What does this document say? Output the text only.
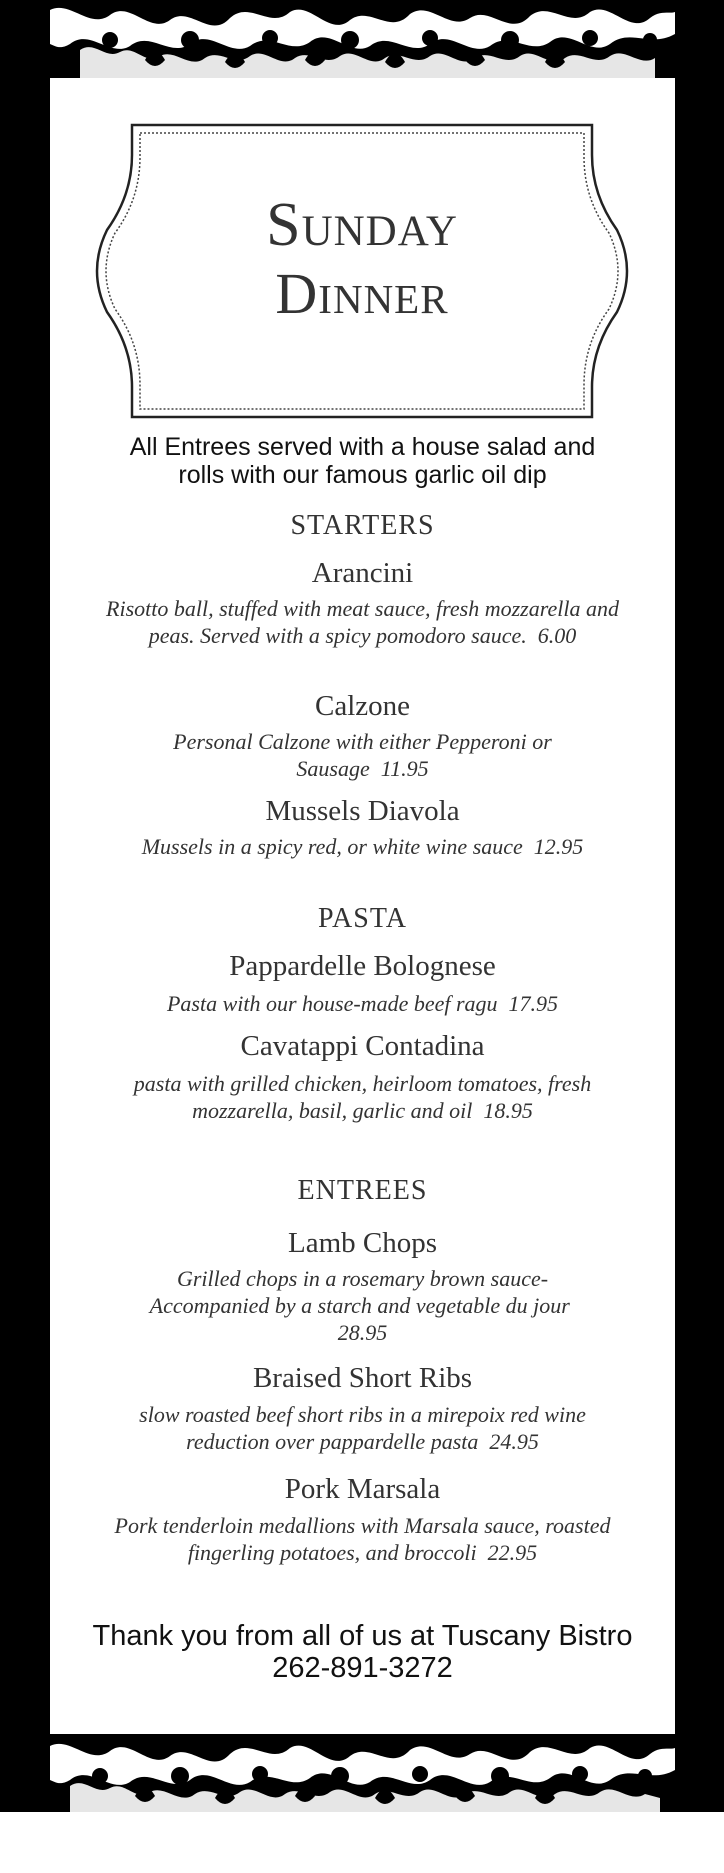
Sunday
Dinner
All Entrees served with a house salad and
rolls with our famous garlic oil dip
STARTERS
Arancini
Risotto ball, stuffed with meat sauce, fresh mozzarella and peas. Served with a spicy pomodoro sauce. 6.00
Calzone
Personal Calzone with either Pepperoni or Sausage 11.95
Mussels Diavola
Mussels in a spicy red, or white wine sauce 12.95
PASTA
Pappardelle Bolognese
Pasta with our house-made beef ragu 17.95
Cavatappi Contadina
pasta with grilled chicken, heirloom tomatoes, fresh mozzarella, basil, garlic and oil 18.95
ENTREES
Lamb Chops
Grilled chops in a rosemary brown sauce- Accompanied by a starch and vegetable du jour  28.95
Braised Short Ribs
slow roasted beef short ribs in a mirepoix red wine reduction over pappardelle pasta 24.95
Pork Marsala
Pork tenderloin medallions with Marsala sauce, roasted fingerling potatoes, and broccoli 22.95
Thank you from all of us at Tuscany Bistro
262-891-3272
